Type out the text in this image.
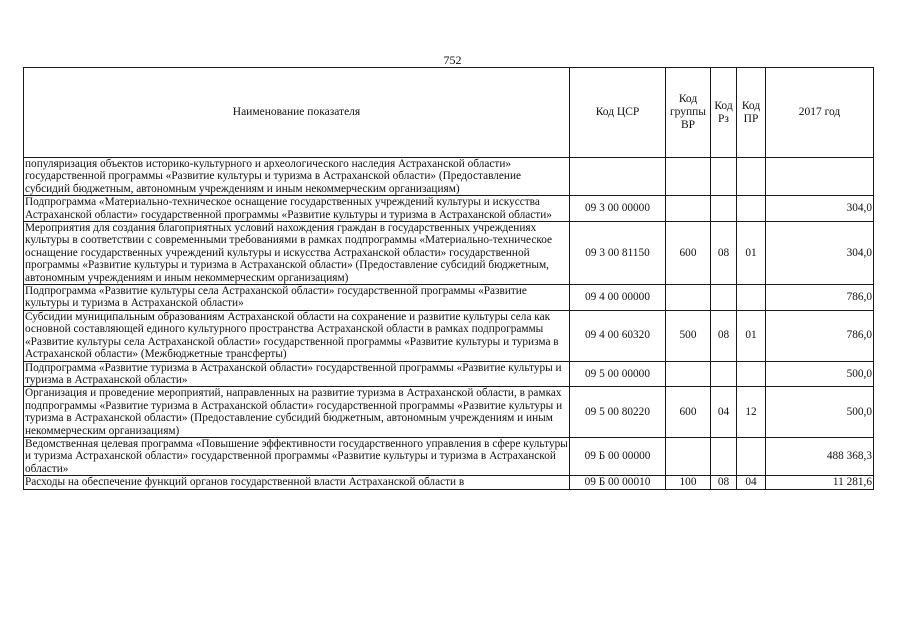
752
Наименование показателя	Код ЦСР	Код группы ВР	Код Рз	Код ПР	2017 год
популяризация объектов историко-культурного и археологического наследия Астраханской области» государственной программы «Развитие культуры и туризма в Астраханской области» (Предоставление субсидий бюджетным, автономным учреждениям и иным некоммерческим организациям)					
Подпрограмма «Материально-техническое оснащение государственных учреждений культуры и искусства Астраханской области» государственной программы «Развитие культуры и туризма в Астраханской области»	09 3 00 00000				304,0
Мероприятия для создания благоприятных условий нахождения граждан в государственных учреждениях культуры в соответствии с современными требованиями в рамках подпрограммы «Материально-техническое оснащение государственных учреждений культуры и искусства Астраханской области» государственной программы «Развитие культуры и туризма в Астраханской области» (Предоставление субсидий бюджетным, автономным учреждениям и иным некоммерческим организациям)	09 3 00 81150	600	08	01	304,0
Подпрограмма «Развитие культуры села Астраханской области» государственной программы «Развитие культуры и туризма в Астраханской области»	09 4 00 00000				786,0
Субсидии муниципальным образованиям Астраханской области на сохранение и развитие культуры села как основной составляющей единого культурного пространства Астраханской области в рамках подпрограммы «Развитие культуры села Астраханской области» государственной программы «Развитие культуры и туризма в Астраханской области» (Межбюджетные трансферты)	09 4 00 60320	500	08	01	786,0
Подпрограмма «Развитие туризма в Астраханской области» государственной программы «Развитие культуры и туризма в Астраханской области»	09 5 00 00000				500,0
Организация и проведение мероприятий, направленных на развитие туризма в Астраханской области, в рамках подпрограммы «Развитие туризма в Астраханской области» государственной программы «Развитие культуры и туризма в Астраханской области» (Предоставление субсидий бюджетным, автономным учреждениям и иным некоммерческим организациям)	09 5 00 80220	600	04	12	500,0
Ведомственная целевая программа «Повышение эффективности государственного управления в сфере культуры и туризма Астраханской области» государственной программы «Развитие культуры и туризма в Астраханской области»	09 Б 00 00000				488 368,3
Расходы на обеспечение функций органов государственной власти Астраханской области в	09 Б 00 00010	100	08	04	11 281,6
